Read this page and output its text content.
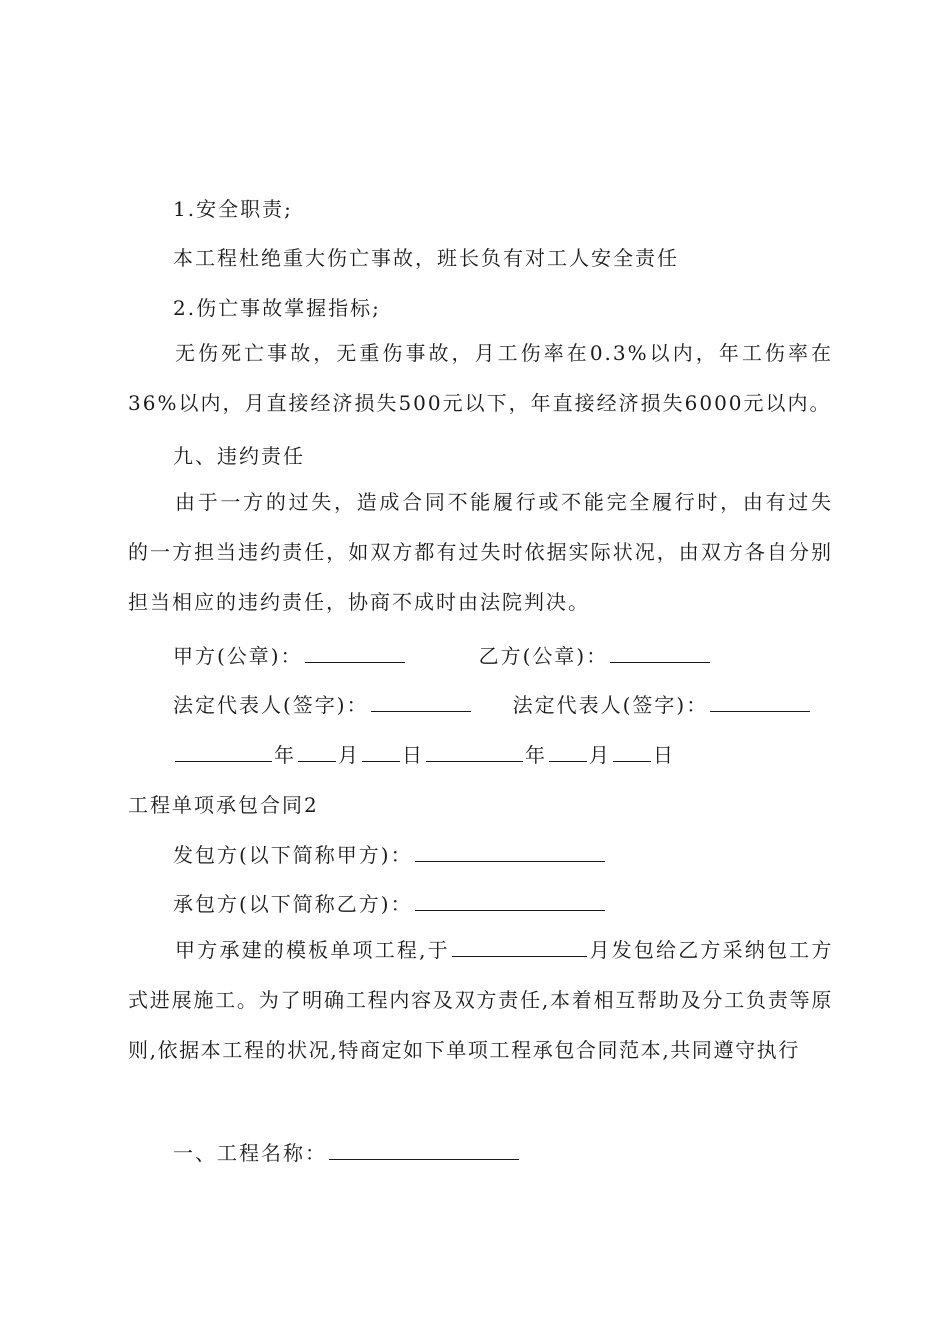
1.安全职责;
本工程杜绝重大伤亡事故，班长负有对工人安全责任
2.伤亡事故掌握指标;
无伤死亡事故，无重伤事故，月工伤率在0.3%以内，年工伤率在36%以内，月直接经济损失500元以下，年直接经济损失6000元以内。
九、违约责任
由于一方的过失，造成合同不能履行或不能完全履行时，由有过失的一方担当违约责任，如双方都有过失时依据实际状况，由双方各自分别担当相应的违约责任，协商不成时由法院判决。
甲方(公章)：	乙方(公章)：
法定代表人(签字)：	法定代表人(签字)：
年 月 日	年 月 日
工程单项承包合同2
发包方(以下简称甲方)：
承包方(以下简称乙方)：
甲方承建的模板单项工程,于	月发包给乙方采纳包工方式进展施工。为了明确工程内容及双方责任,本着相互帮助及分工负责等原则,依据本工程的状况,特商定如下单项工程承包合同范本,共同遵守执行
一、工程名称：
